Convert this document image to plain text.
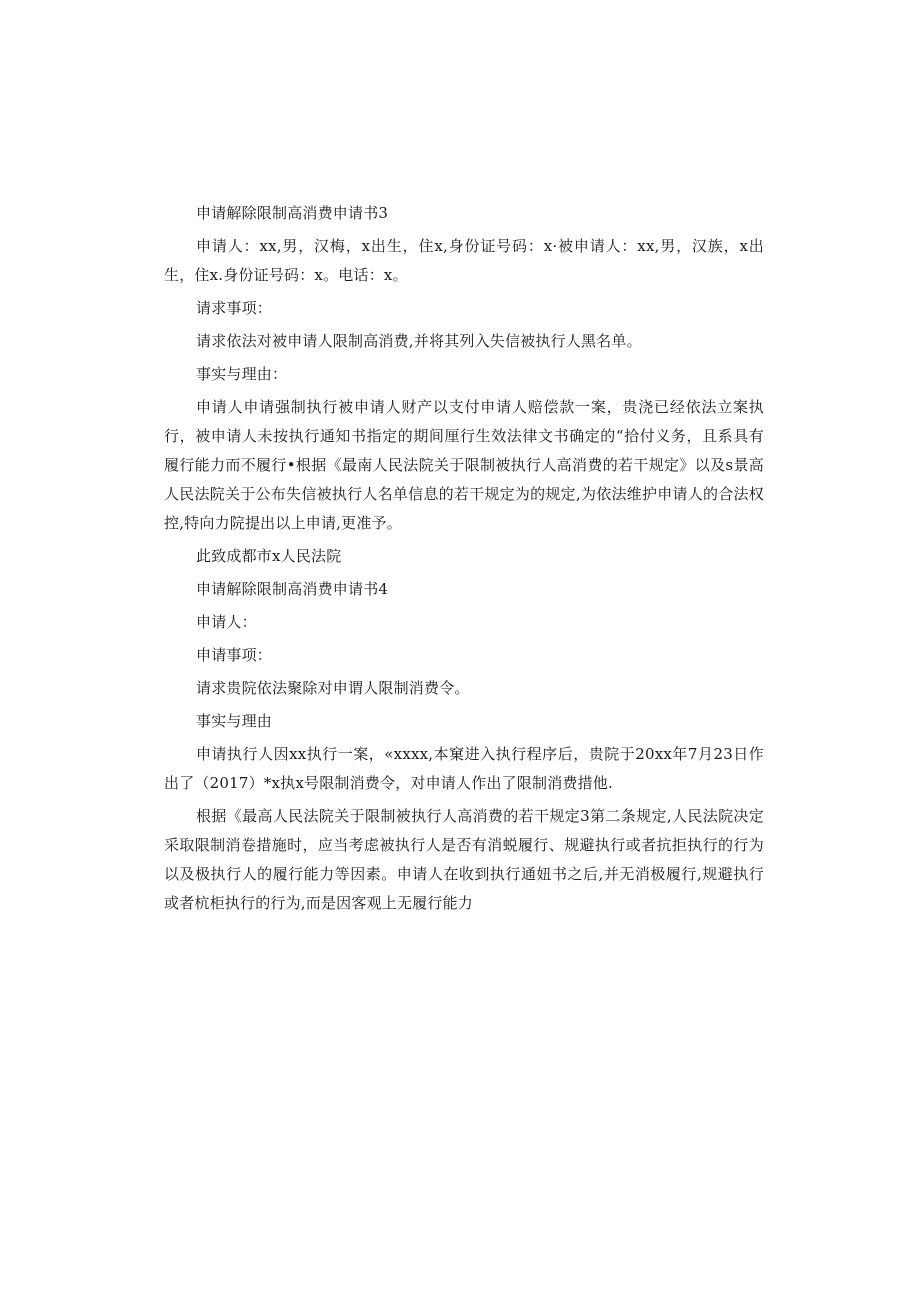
申请解除限制高消费申请书3

申请人：xx,男，汉梅，x出生，住x,身份证号码：x·被申请人：xx,男，汉族，x出生，住x.身份证号码：x。电话：x。

请求事项：

请求依法对被申请人限制高消费,并将其列入失信被执行人黑名单。

事实与理由：

申请人申请强制执行被申请人财产以支付申请人赔偿款一案，贵浇已经依法立案执行，被申请人未按执行通知书指定的期间厘行生效法律文书确定的“拾付义务，且系具有履行能力而不履行•根据《最南人民法院关于限制被执行人高消费的若干规定》以及s景高人民法院关于公布失信被执行人名单信息的若干规定为的规定,为依法维护申请人的合法权控,特向力院提出以上申请,更准予。

此致成都市x人民法院

申请解除限制高消费申请书4

申请人：

申请事项：

请求贵院依法聚除对申谓人限制消费令。

事实与理由

申请执行人因xx执行一案，«xxxx,本窠进入执行程序后，贵院于20xx年7月23日作出了（2017）*x执x号限制消费令，对申请人作出了限制消费措他.

根据《最高人民法院关于限制被执行人高消费的若干规定3第二条规定,人民法院决定采取限制消卷措施时，应当考虑被执行人是否有消蜕履行、规避执行或者抗拒执行的行为以及极执行人的履行能力等因素。申请人在收到执行通妞书之后,并无消极履行,规避执行或者杭柜执行的行为,而是因客观上无履行能力
